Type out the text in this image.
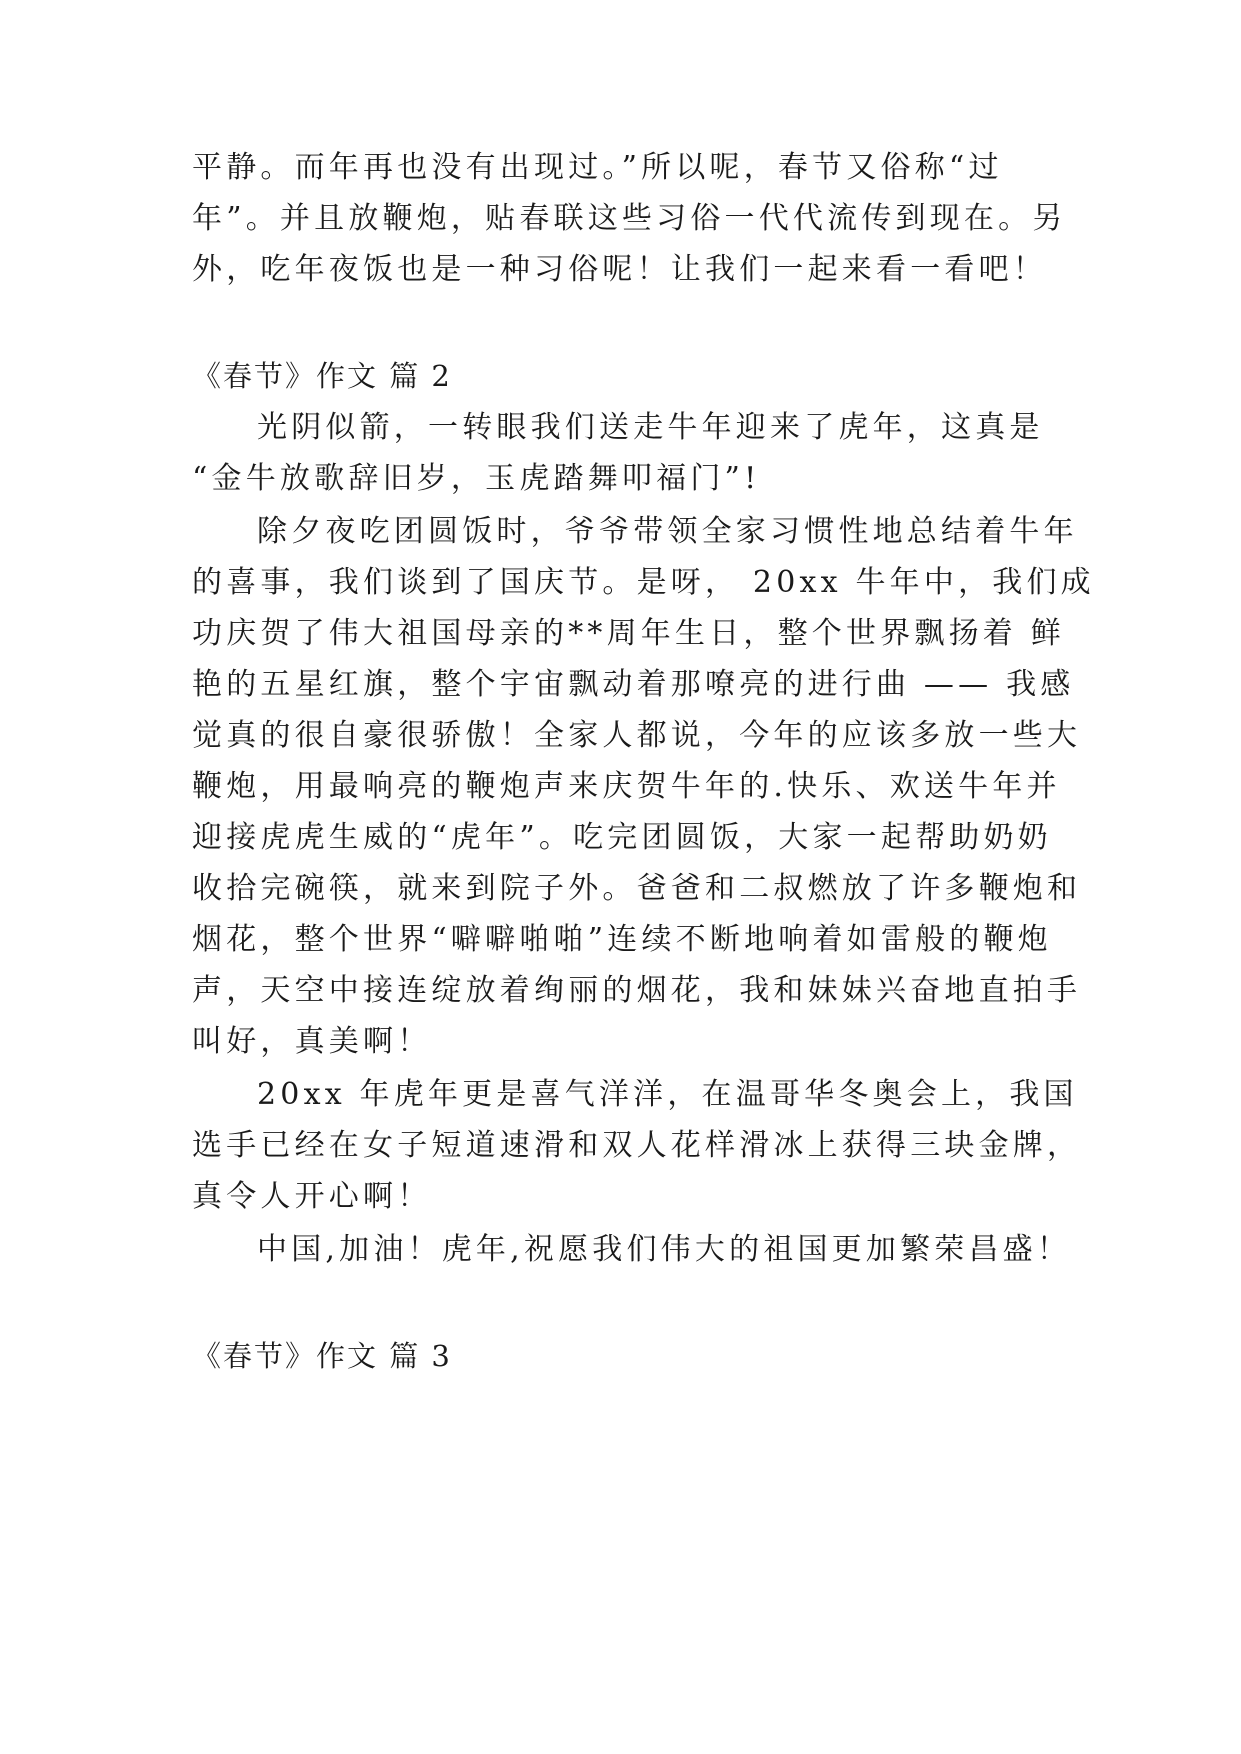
平静。而年再也没有出现过。”所以呢，春节又俗称“过
年”。并且放鞭炮，贴春联这些习俗一代代流传到现在。另
外，吃年夜饭也是一种习俗呢！让我们一起来看一看吧！
《春节》作文 篇 2
光阴似箭，一转眼我们送走牛年迎来了虎年，这真是
“金牛放歌辞旧岁，玉虎踏舞叩福门”!
除夕夜吃团圆饭时，爷爷带领全家习惯性地总结着牛年
的喜事，我们谈到了国庆节。是呀， 20xx 牛年中，我们成
功庆贺了伟大祖国母亲的**周年生日，整个世界飘扬着 鲜
艳的五星红旗，整个宇宙飘动着那嘹亮的进行曲 —— 我感
觉真的很自豪很骄傲！全家人都说，今年的应该多放一些大
鞭炮，用最响亮的鞭炮声来庆贺牛年的.快乐、欢送牛年并
迎接虎虎生威的“虎年”。吃完团圆饭，大家一起帮助奶奶
收拾完碗筷，就来到院子外。爸爸和二叔燃放了许多鞭炮和
烟花，整个世界“噼噼啪啪”连续不断地响着如雷般的鞭炮
声，天空中接连绽放着绚丽的烟花，我和妹妹兴奋地直拍手
叫好，真美啊！
20xx 年虎年更是喜气洋洋，在温哥华冬奥会上，我国
选手已经在女子短道速滑和双人花样滑冰上获得三块金牌，
真令人开心啊！
中国,加油！虎年,祝愿我们伟大的祖国更加繁荣昌盛！
《春节》作文 篇 3
